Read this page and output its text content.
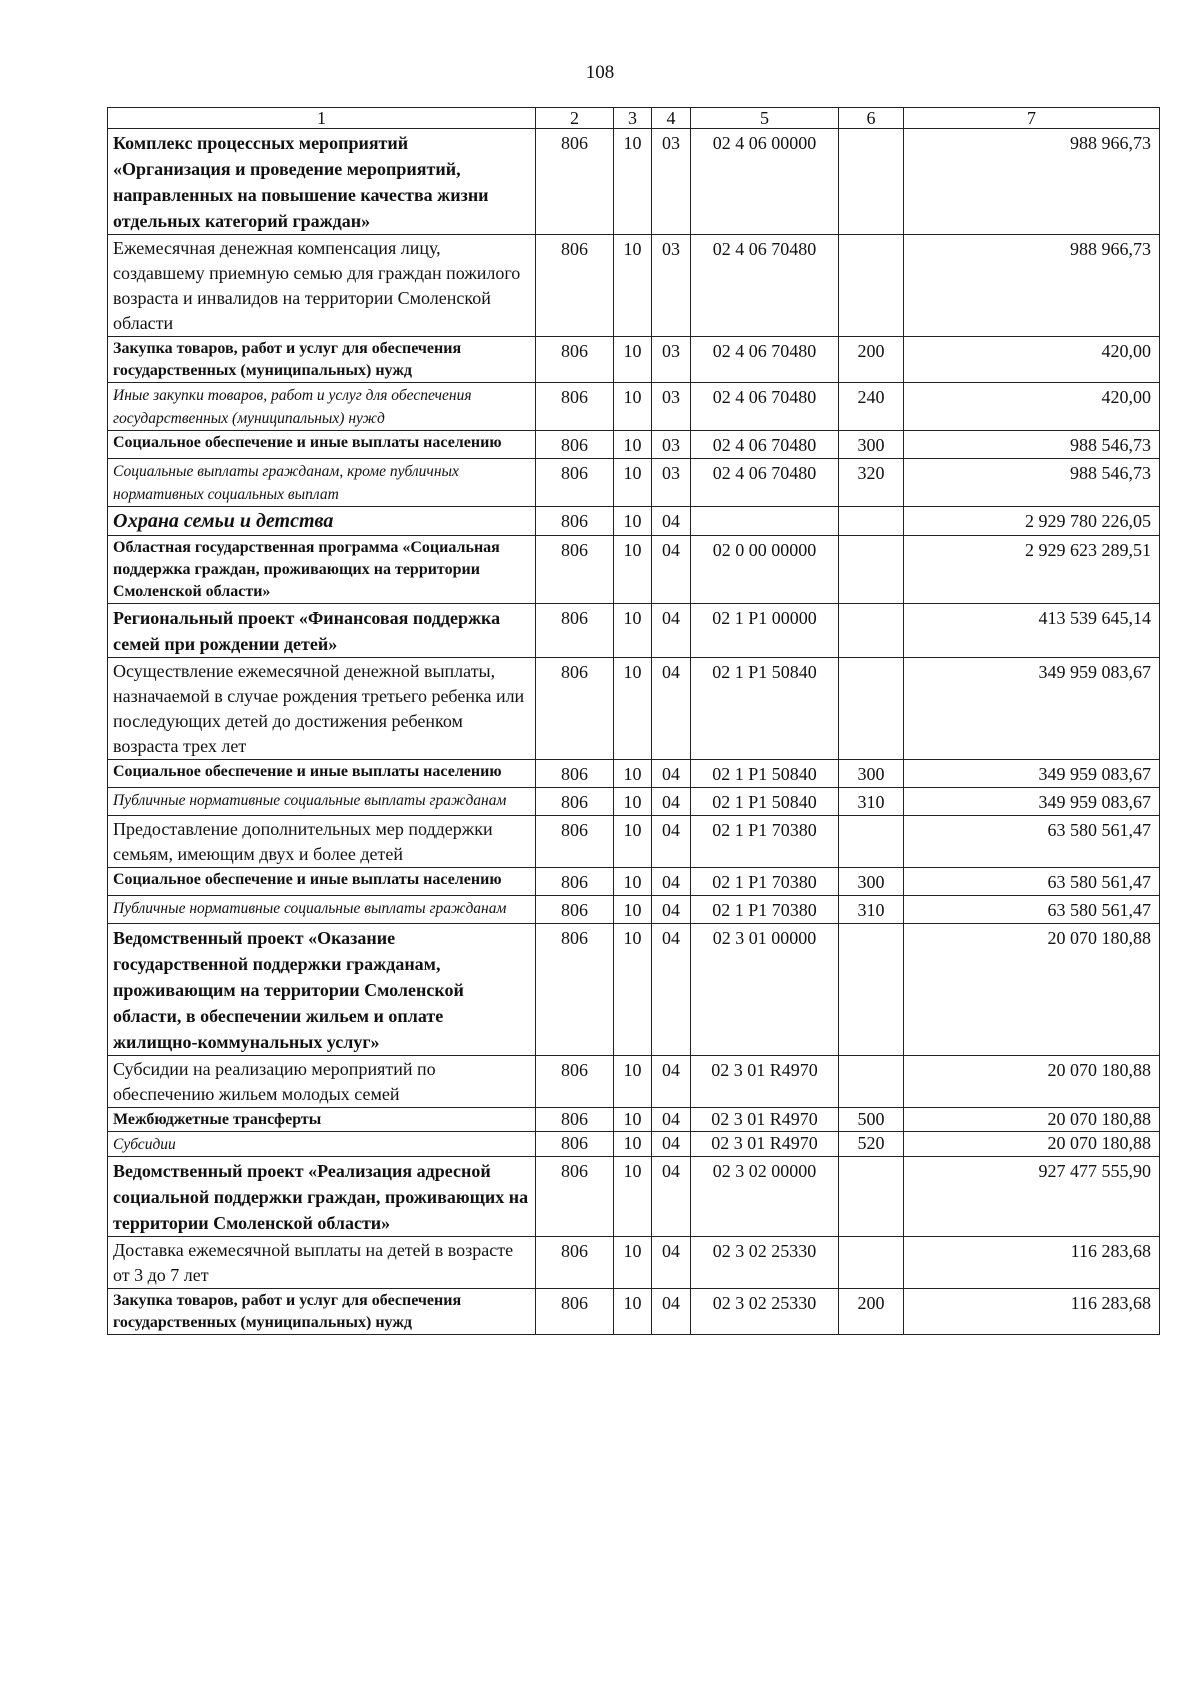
108
1	2	3	4	5	6	7
Комплекс процессных мероприятий «Организация и проведение мероприятий, направленных на повышение качества жизни отдельных категорий граждан»	806	10	03	02 4 06 00000		988 966,73
Ежемесячная денежная компенсация лицу, создавшему приемную семью для граждан пожилого возраста и инвалидов на территории Смоленской области	806	10	03	02 4 06 70480		988 966,73
Закупка товаров, работ и услуг для обеспечения государственных (муниципальных) нужд	806	10	03	02 4 06 70480	200	420,00
Иные закупки товаров, работ и услуг для обеспечения государственных (муниципальных) нужд	806	10	03	02 4 06 70480	240	420,00
Социальное обеспечение и иные выплаты населению	806	10	03	02 4 06 70480	300	988 546,73
Социальные выплаты гражданам, кроме публичных нормативных социальных выплат	806	10	03	02 4 06 70480	320	988 546,73
Охрана семьи и детства	806	10	04			2 929 780 226,05
Областная государственная программа «Социальная поддержка граждан, проживающих на территории Смоленской области»	806	10	04	02 0 00 00000		2 929 623 289,51
Региональный проект «Финансовая поддержка семей при рождении детей»	806	10	04	02 1 Р1 00000		413 539 645,14
Осуществление ежемесячной денежной выплаты, назначаемой в случае рождения третьего ребенка или последующих детей до достижения ребенком возраста трех лет	806	10	04	02 1 Р1 50840		349 959 083,67
Социальное обеспечение и иные выплаты населению	806	10	04	02 1 Р1 50840	300	349 959 083,67
Публичные нормативные социальные выплаты гражданам	806	10	04	02 1 Р1 50840	310	349 959 083,67
Предоставление дополнительных мер поддержки семьям, имеющим двух и более детей	806	10	04	02 1 Р1 70380		63 580 561,47
Социальное обеспечение и иные выплаты населению	806	10	04	02 1 Р1 70380	300	63 580 561,47
Публичные нормативные социальные выплаты гражданам	806	10	04	02 1 Р1 70380	310	63 580 561,47
Ведомственный проект «Оказание государственной поддержки гражданам, проживающим на территории Смоленской области, в обеспечении жильем и оплате жилищно-коммунальных услуг»	806	10	04	02 3 01 00000		20 070 180,88
Субсидии на реализацию мероприятий по обеспечению жильем молодых семей	806	10	04	02 3 01 R4970		20 070 180,88
Межбюджетные трансферты	806	10	04	02 3 01 R4970	500	20 070 180,88
Субсидии	806	10	04	02 3 01 R4970	520	20 070 180,88
Ведомственный проект «Реализация адресной социальной поддержки граждан, проживающих на территории Смоленской области»	806	10	04	02 3 02 00000		927 477 555,90
Доставка ежемесячной выплаты на детей в возрасте от 3 до 7 лет	806	10	04	02 3 02 25330		116 283,68
Закупка товаров, работ и услуг для обеспечения государственных (муниципальных) нужд	806	10	04	02 3 02 25330	200	116 283,68
